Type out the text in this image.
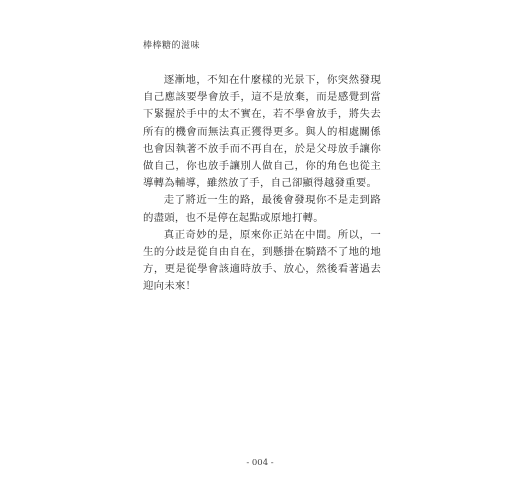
棒棒糖的滋味

逐漸地，不知在什麼樣的光景下，你突然發現自己應該要學會放手，這不是放棄，而是感覺到當下緊握於手中的太不實在，若不學會放手，將失去所有的機會而無法真正獲得更多。與人的相處關係也會因執著不放手而不再自在，於是父母放手讓你做自己，你也放手讓別人做自己，你的角色也從主導轉為輔導，雖然放了手，自己卻顯得越發重要。

走了將近一生的路，最後會發現你不是走到路的盡頭，也不是停在起點或原地打轉。

真正奇妙的是，原來你正站在中間。所以，一生的分歧是從自由自在，到懸掛在騎踏不了地的地方，更是從學會該適時放手、放心，然後看著過去迎向未來！

- 004 -
